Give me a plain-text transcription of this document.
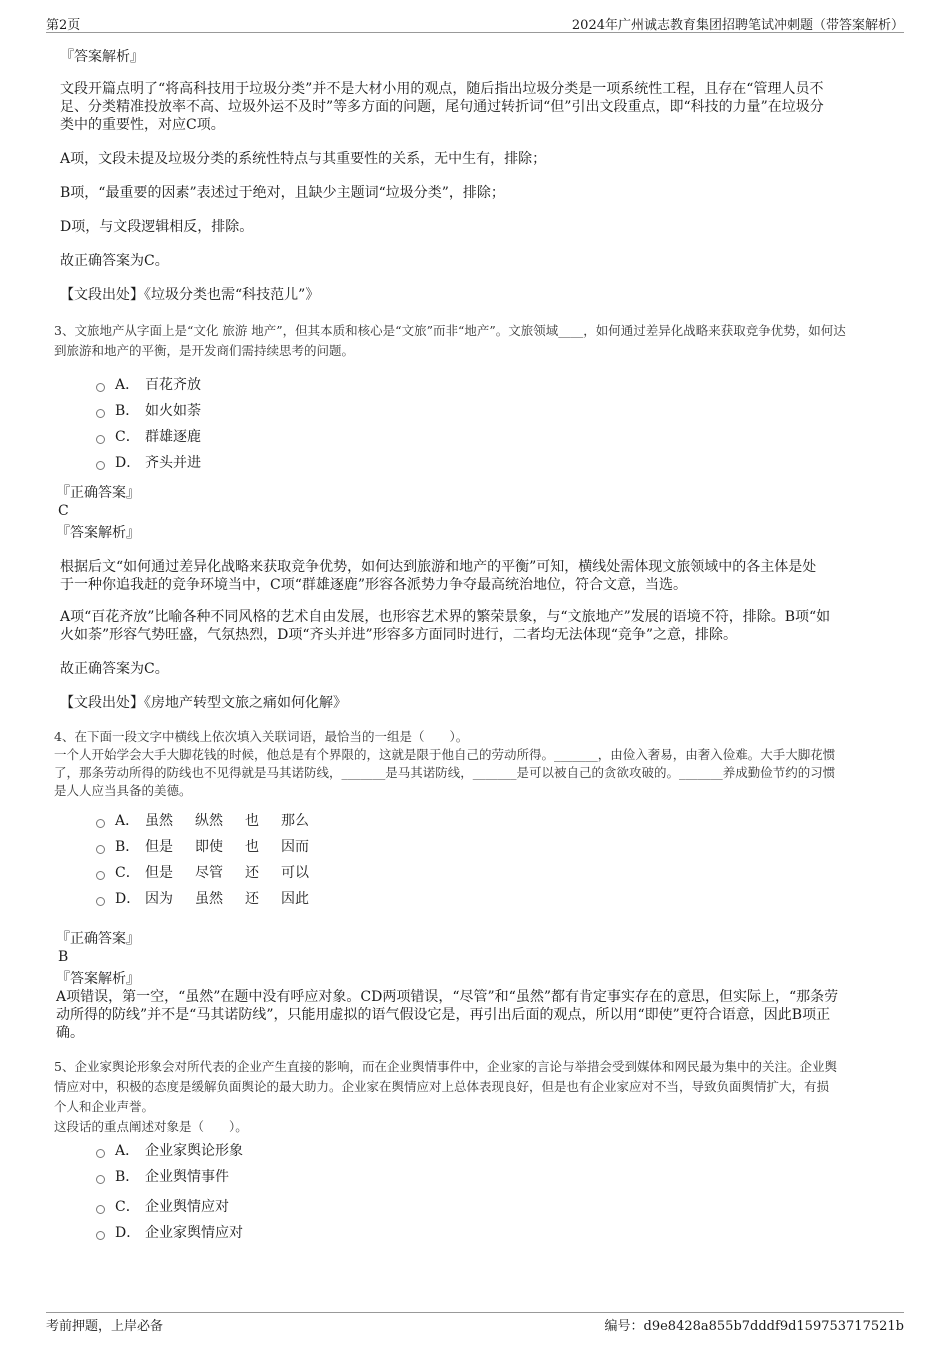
第2页	2024年广州诚志教育集团招聘笔试冲刺题（带答案解析）
『答案解析』
文段开篇点明了“将高科技用于垃圾分类”并不是大材小用的观点，随后指出垃圾分类是一项系统性工程，且存在“管理人员不
足、分类精准投放率不高、垃圾外运不及时”等多方面的问题，尾句通过转折词“但”引出文段重点，即“科技的力量”在垃圾分
类中的重要性，对应C项。
A项，文段未提及垃圾分类的系统性特点与其重要性的关系，无中生有，排除；
B项，“最重要的因素”表述过于绝对，且缺少主题词“垃圾分类”，排除；
D项，与文段逻辑相反，排除。
故正确答案为C。
【文段出处】《垃圾分类也需“科技范儿”》
3、文旅地产从字面上是“文化 旅游 地产”，但其本质和核心是“文旅”而非“地产”。文旅领域____，如何通过差异化战略来获取竞争优势，如何达
到旅游和地产的平衡，是开发商们需持续思考的问题。
A． 百花齐放
B． 如火如荼
C． 群雄逐鹿
D． 齐头并进
『正确答案』
C
『答案解析』
根据后文“如何通过差异化战略来获取竞争优势，如何达到旅游和地产的平衡”可知，横线处需体现文旅领域中的各主体是处
于一种你追我赶的竞争环境当中，C项“群雄逐鹿”形容各派势力争夺最高统治地位，符合文意，当选。
A项“百花齐放”比喻各种不同风格的艺术自由发展，也形容艺术界的繁荣景象，与“文旅地产”发展的语境不符，排除。B项“如
火如荼”形容气势旺盛，气氛热烈，D项“齐头并进”形容多方面同时进行，二者均无法体现“竞争”之意，排除。
故正确答案为C。
【文段出处】《房地产转型文旅之痛如何化解》
4、在下面一段文字中横线上依次填入关联词语，最恰当的一组是（　　）。
一个人开始学会大手大脚花钱的时候，他总是有个界限的，这就是限于他自己的劳动所得。_______，由俭入奢易，由奢入俭难。大手大脚花惯
了，那条劳动所得的防线也不见得就是马其诺防线，_______是马其诺防线，_______是可以被自己的贪欲攻破的。_______养成勤俭节约的习惯
是人人应当具备的美德。
A． 虽然 纵然 也 那么
B． 但是 即使 也 因而
C． 但是 尽管 还 可以
D． 因为 虽然 还 因此
『正确答案』
B
『答案解析』
A项错误，第一空，“虽然”在题中没有呼应对象。CD两项错误，“尽管”和“虽然”都有肯定事实存在的意思，但实际上，“那条劳
动所得的防线”并不是“马其诺防线”，只能用虚拟的语气假设它是，再引出后面的观点，所以用“即使”更符合语意，因此B项正
确。
5、企业家舆论形象会对所代表的企业产生直接的影响，而在企业舆情事件中，企业家的言论与举措会受到媒体和网民最为集中的关注。企业舆
情应对中，积极的态度是缓解负面舆论的最大助力。企业家在舆情应对上总体表现良好，但是也有企业家应对不当，导致负面舆情扩大，有损
个人和企业声誉。
这段话的重点阐述对象是（　　）。
A． 企业家舆论形象
B． 企业舆情事件
C． 企业舆情应对
D． 企业家舆情应对
考前押题，上岸必备	编号：d9e8428a855b7dddf9d159753717521b
